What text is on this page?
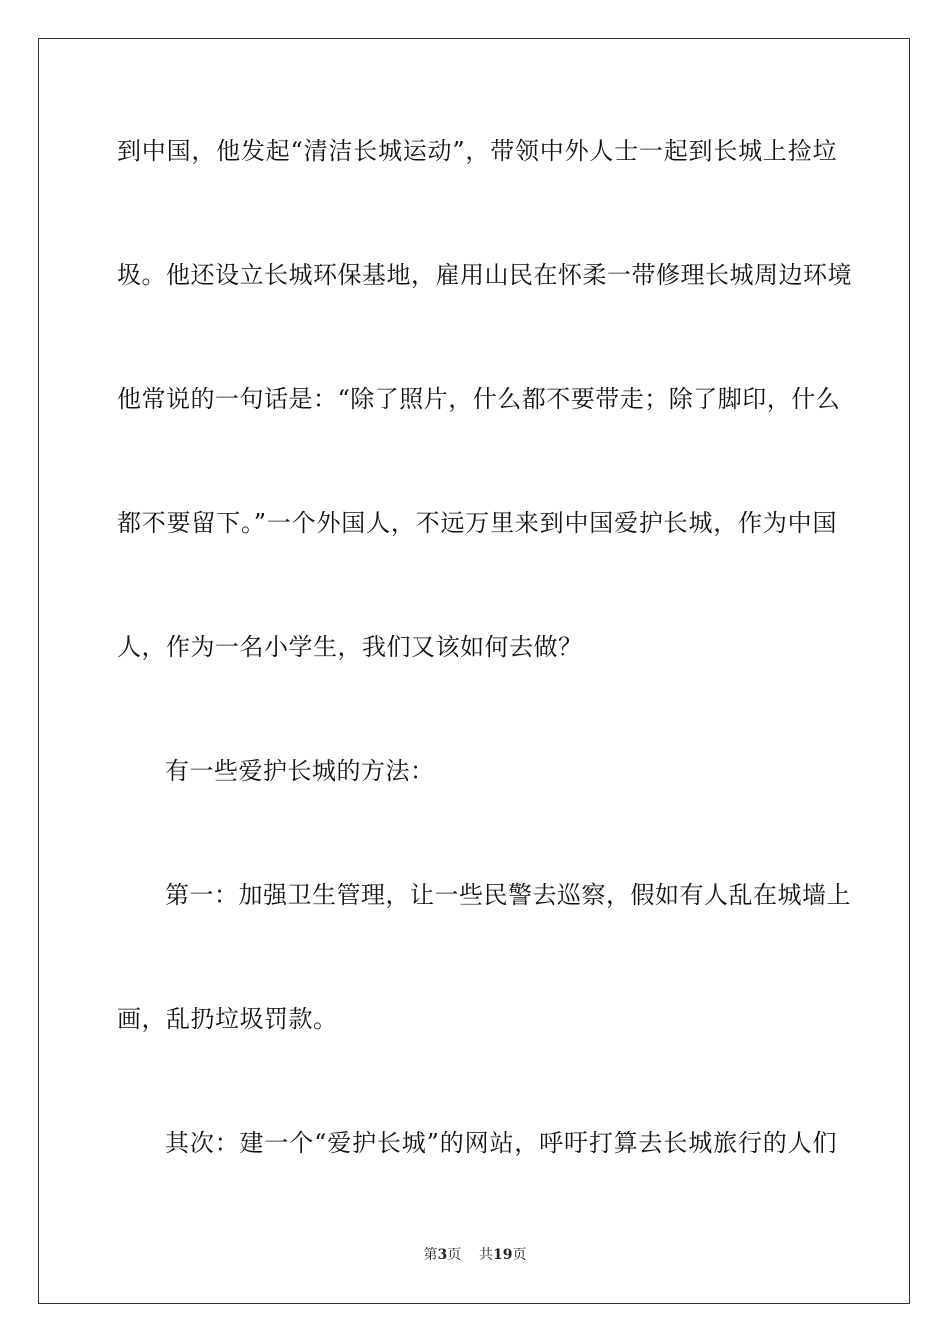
到中国，他发起“清洁长城运动”，带领中外人士一起到长城上捡垃
圾。他还设立长城环保基地，雇用山民在怀柔一带修理长城周边环境
他常说的一句话是：“除了照片，什么都不要带走；除了脚印，什么
都不要留下。”一个外国人，不远万里来到中国爱护长城，作为中国
人，作为一名小学生，我们又该如何去做？
有一些爱护长城的方法：
第一：加强卫生管理，让一些民警去巡察，假如有人乱在城墙上
画，乱扔垃圾罚款。
其次：建一个“爱护长城”的网站，呼吁打算去长城旅行的人们
第3页 共19页
